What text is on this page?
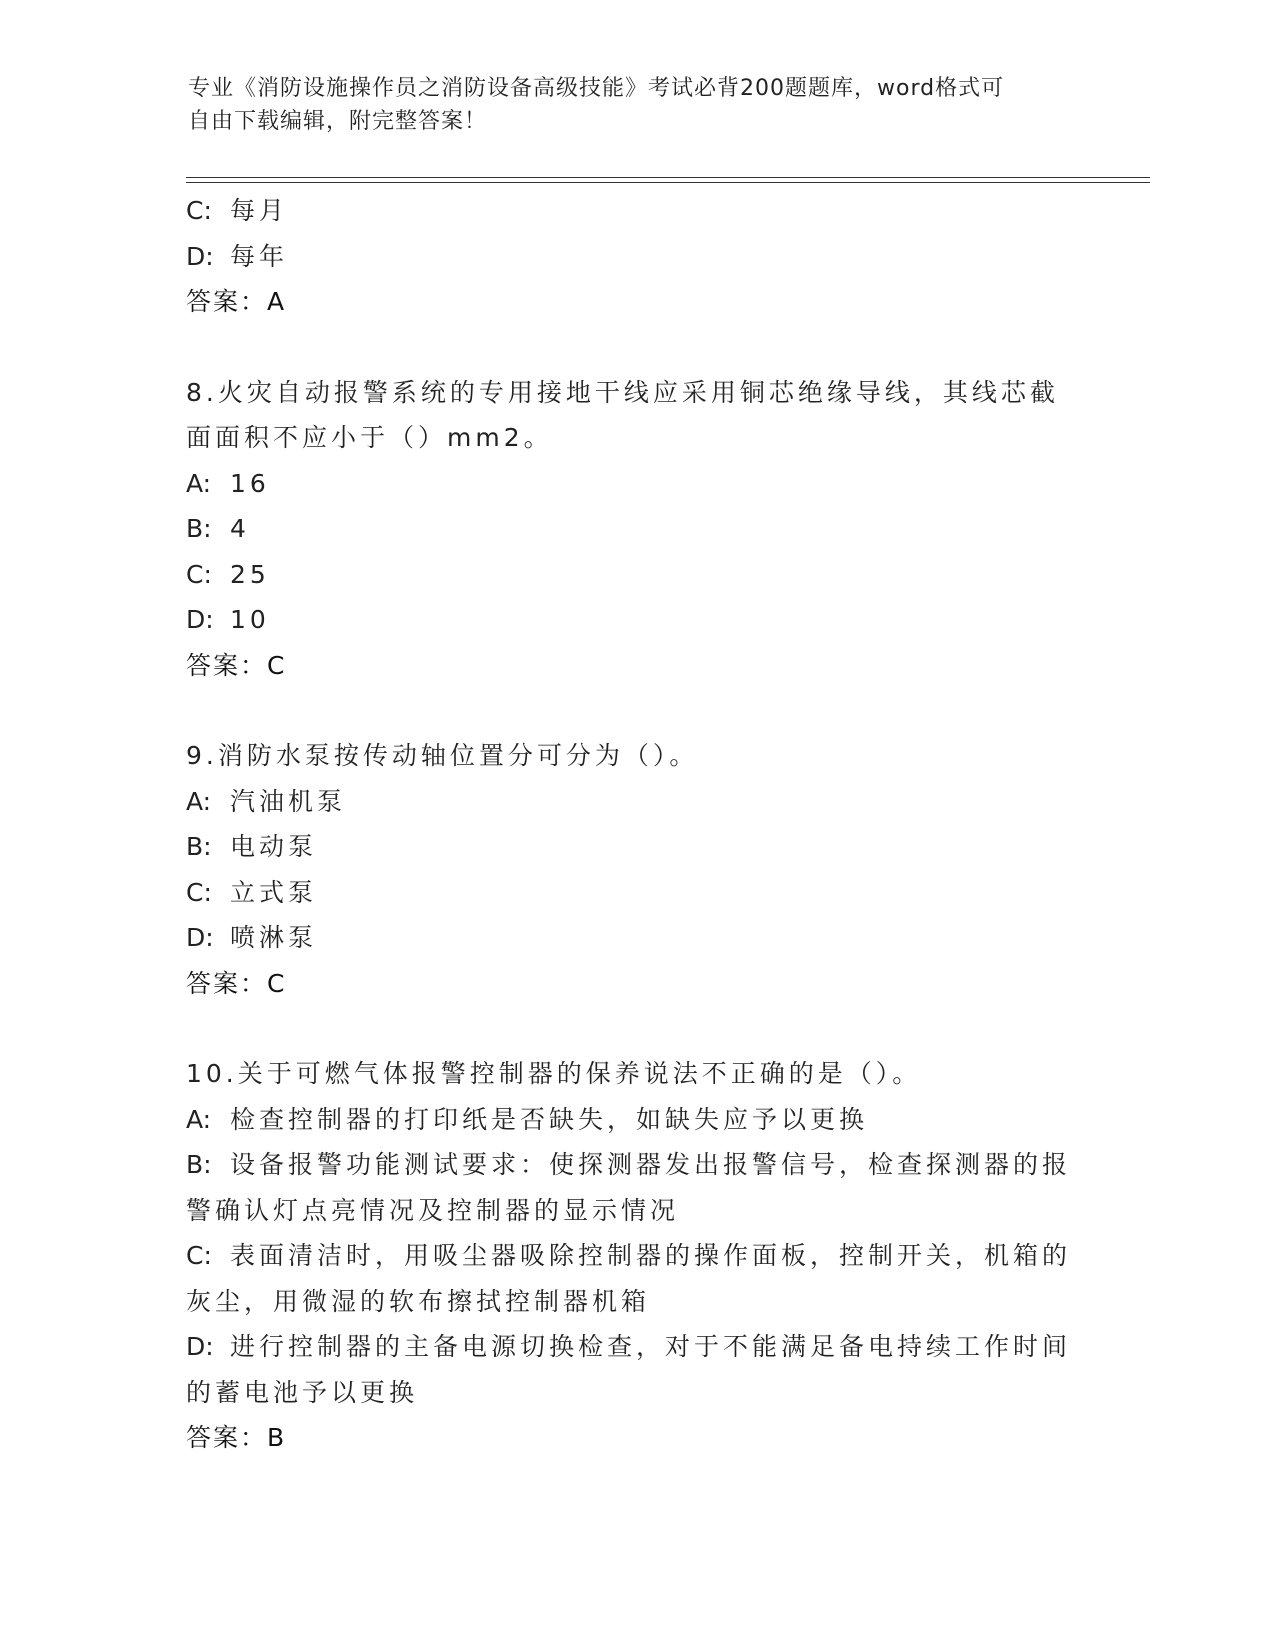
专业《消防设施操作员之消防设备高级技能》考试必背200题题库，word格式可
自由下载编辑，附完整答案！
C: 每月
D: 每年
答案：A
8.火灾自动报警系统的专用接地干线应采用铜芯绝缘导线，其线芯截
面面积不应小于（）mm2。
A: 16
B: 4
C: 25
D: 10
答案：C
9.消防水泵按传动轴位置分可分为（）。
A: 汽油机泵
B: 电动泵
C: 立式泵
D: 喷淋泵
答案：C
10.关于可燃气体报警控制器的保养说法不正确的是（）。
A: 检查控制器的打印纸是否缺失，如缺失应予以更换
B: 设备报警功能测试要求：使探测器发出报警信号，检查探测器的报
警确认灯点亮情况及控制器的显示情况
C: 表面清洁时，用吸尘器吸除控制器的操作面板，控制开关，机箱的
灰尘，用微湿的软布擦拭控制器机箱
D: 进行控制器的主备电源切换检查，对于不能满足备电持续工作时间
的蓄电池予以更换
答案：B
